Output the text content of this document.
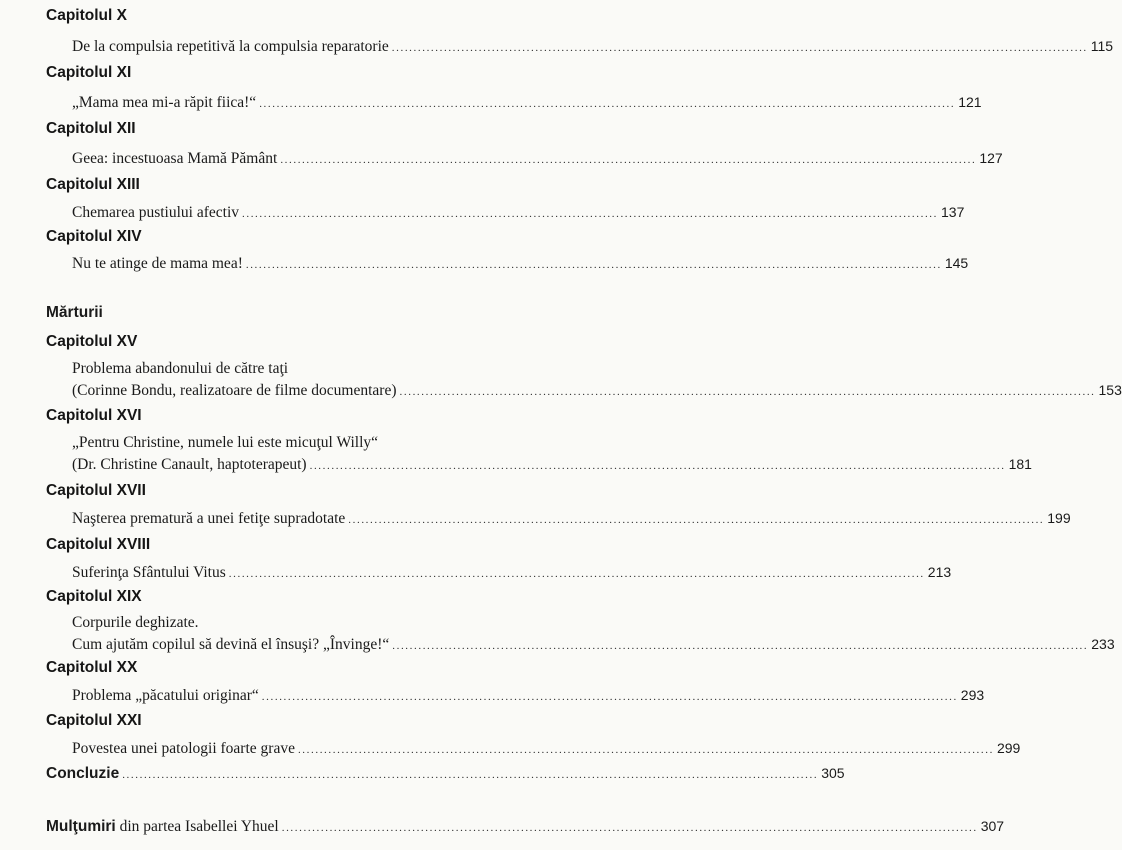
Capitolul X
De la compulsia repetitivă la compulsia reparatorie ................................................................................................................................................................ 115
Capitolul XI
„Mama mea mi-a răpit fiica!“ ................................................................................................................................................................ 121
Capitolul XII
Geea: incestuoasa Mamă Pământ ................................................................................................................................................................ 127
Capitolul XIII
Chemarea pustiului afectiv ................................................................................................................................................................ 137
Capitolul XIV
Nu te atinge de mama mea! ................................................................................................................................................................ 145
Mărturii
Capitolul XV
Problema abandonului de către taţi
(Corinne Bondu, realizatoare de filme documentare) ................................................................................................................................................................ 153
Capitolul XVI
„Pentru Christine, numele lui este micuţul Willy“
(Dr. Christine Canault, haptoterapeut) ................................................................................................................................................................ 181
Capitolul XVII
Naşterea prematură a unei fetiţe supradotate ................................................................................................................................................................ 199
Capitolul XVIII
Suferinţa Sfântului Vitus ................................................................................................................................................................ 213
Capitolul XIX
Corpurile deghizate.
Cum ajutăm copilul să devină el însuşi? „Învinge!“ ................................................................................................................................................................ 233
Capitolul XX
Problema „păcatului originar“ ................................................................................................................................................................ 293
Capitolul XXI
Povestea unei patologii foarte grave ................................................................................................................................................................ 299
Concluzie ................................................................................................................................................................ 305
Mulţumiri din partea Isabellei Yhuel ................................................................................................................................................................ 307
